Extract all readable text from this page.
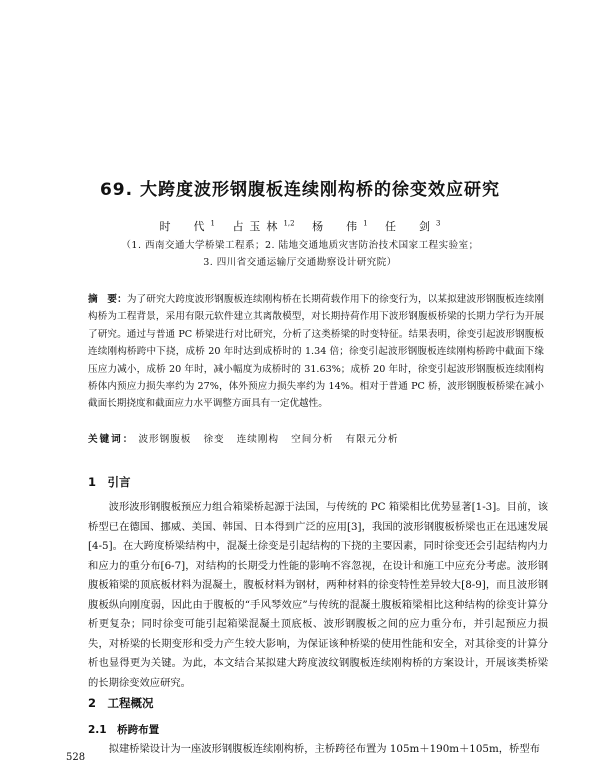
69. 大跨度波形钢腹板连续刚构桥的徐变效应研究
时　代$^1$ 占玉林$^{1,2}$ 杨　伟$^1$ 任　剑$^3$
（1. 西南交通大学桥梁工程系；2. 陆地交通地质灾害防治技术国家工程实验室；
3. 四川省交通运输厅交通勘察设计研究院）
摘　要：为了研究大跨度波形钢腹板连续刚构桥在长期荷载作用下的徐变行为，以某拟建波形钢腹板连续刚构桥为工程背景，采用有限元软件建立其离散模型，对长期持荷作用下波形钢腹板桥梁的长期力学行为开展了研究。通过与普通 PC 桥梁进行对比研究，分析了这类桥梁的时变特征。结果表明，徐变引起波形钢腹板连续刚构桥跨中下挠，成桥 20 年时达到成桥时的 1.34 倍；徐变引起波形钢腹板连续刚构桥跨中截面下缘压应力减小，成桥 20 年时，减小幅度为成桥时的 31.63%；成桥 20 年时，徐变引起波形钢腹板连续刚构桥体内预应力损失率约为 27%，体外预应力损失率约为 14%。相对于普通 PC 桥，波形钢腹板桥梁在减小截面长期挠度和截面应力水平调整方面具有一定优越性。
关键词： 波形钢腹板 徐变 连续刚构 空间分析 有限元分析
1　引言
波形波形钢腹板预应力组合箱梁桥起源于法国，与传统的 PC 箱梁相比优势显著[1-3]。目前，该桥型已在德国、挪威、美国、韩国、日本得到广泛的应用[3]，我国的波形钢腹板桥梁也正在迅速发展[4-5]。在大跨度桥梁结构中，混凝土徐变是引起结构的下挠的主要因素，同时徐变还会引起结构内力和应力的重分布[6-7]，对结构的长期受力性能的影响不容忽视，在设计和施工中应充分考虑。波形钢腹板箱梁的顶底板材料为混凝土，腹板材料为钢材，两种材料的徐变特性差异较大[8-9]，而且波形钢腹板纵向刚度弱，因此由于腹板的“手风琴效应”与传统的混凝土腹板箱梁相比这种结构的徐变计算分析更复杂；同时徐变可能引起箱梁混凝土顶底板、波形钢腹板之间的应力重分布，并引起预应力损失，对桥梁的长期变形和受力产生较大影响，为保证该种桥梁的使用性能和安全，对其徐变的计算分析也显得更为关键。为此，本文结合某拟建大跨度波纹钢腹板连续刚构桥的方案设计，开展该类桥梁的长期徐变效应研究。
2　工程概况
2.1　桥跨布置
拟建桥梁设计为一座波形钢腹板连续刚构桥，主桥跨径布置为 105m＋190m＋105m，桥型布
528
